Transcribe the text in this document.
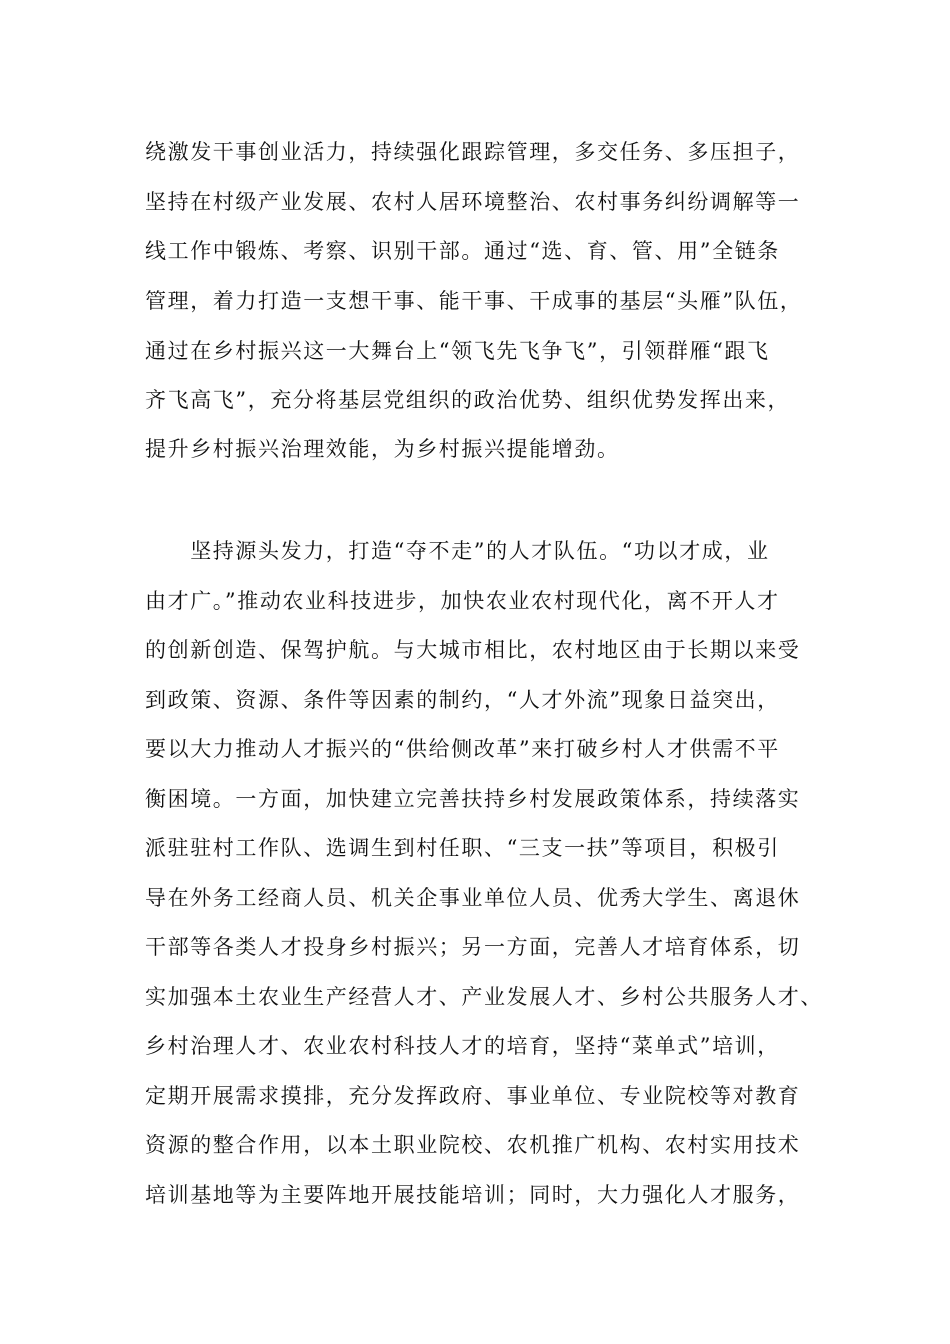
绕激发干事创业活力，持续强化跟踪管理，多交任务、多压担子，
坚持在村级产业发展、农村人居环境整治、农村事务纠纷调解等一
线工作中锻炼、考察、识别干部。通过“选、育、管、用”全链条
管理，着力打造一支想干事、能干事、干成事的基层“头雁”队伍，
通过在乡村振兴这一大舞台上“领飞先飞争飞”，引领群雁“跟飞
齐飞高飞”，充分将基层党组织的政治优势、组织优势发挥出来，
提升乡村振兴治理效能，为乡村振兴提能增劲。
　　坚持源头发力，打造“夺不走”的人才队伍。“功以才成，业
由才广。”推动农业科技进步，加快农业农村现代化，离不开人才
的创新创造、保驾护航。与大城市相比，农村地区由于长期以来受
到政策、资源、条件等因素的制约，“人才外流”现象日益突出，
要以大力推动人才振兴的“供给侧改革”来打破乡村人才供需不平
衡困境。一方面，加快建立完善扶持乡村发展政策体系，持续落实
派驻驻村工作队、选调生到村任职、“三支一扶”等项目，积极引
导在外务工经商人员、机关企事业单位人员、优秀大学生、离退休
干部等各类人才投身乡村振兴；另一方面，完善人才培育体系，切
实加强本土农业生产经营人才、产业发展人才、乡村公共服务人才、
乡村治理人才、农业农村科技人才的培育，坚持“菜单式”培训，
定期开展需求摸排，充分发挥政府、事业单位、专业院校等对教育
资源的整合作用，以本土职业院校、农机推广机构、农村实用技术
培训基地等为主要阵地开展技能培训；同时，大力强化人才服务，
